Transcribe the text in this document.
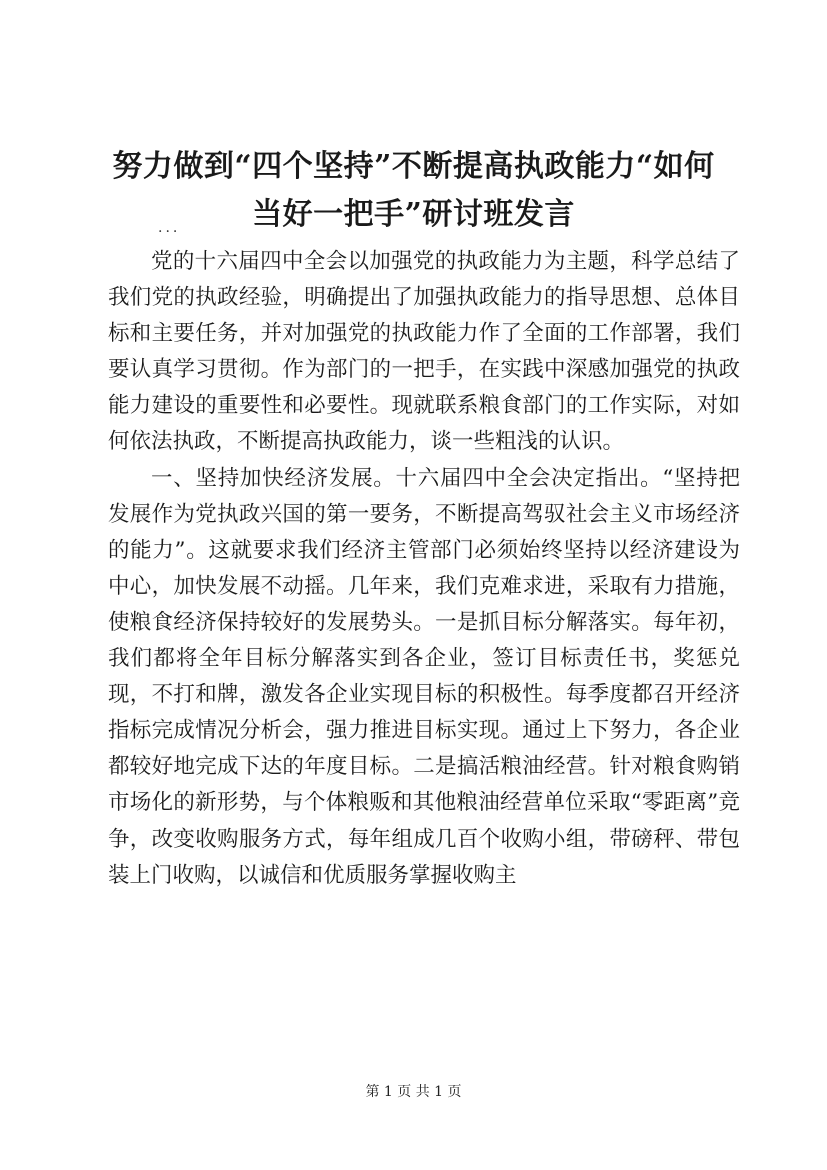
努力做到“四个坚持”不断提高执政能力“如何当好一把手”研讨班发言
...

党的十六届四中全会以加强党的执政能力为主题，科学总结了我们党的执政经验，明确提出了加强执政能力的指导思想、总体目标和主要任务，并对加强党的执政能力作了全面的工作部署，我们要认真学习贯彻。作为部门的一把手，在实践中深感加强党的执政能力建设的重要性和必要性。现就联系粮食部门的工作实际，对如何依法执政，不断提高执政能力，谈一些粗浅的认识。

一、坚持加快经济发展。十六届四中全会决定指出。“坚持把发展作为党执政兴国的第一要务，不断提高驾驭社会主义市场经济的能力”。这就要求我们经济主管部门必须始终坚持以经济建设为中心，加快发展不动摇。几年来，我们克难求进，采取有力措施，使粮食经济保持较好的发展势头。一是抓目标分解落实。每年初，我们都将全年目标分解落实到各企业，签订目标责任书，奖惩兑现，不打和牌，激发各企业实现目标的积极性。每季度都召开经济指标完成情况分析会，强力推进目标实现。通过上下努力，各企业都较好地完成下达的年度目标。二是搞活粮油经营。针对粮食购销市场化的新形势，与个体粮贩和其他粮油经营单位采取“零距离”竞争，改变收购服务方式，每年组成几百个收购小组，带磅秤、带包装上门收购，以诚信和优质服务掌握收购主

第 1 页 共 1 页
